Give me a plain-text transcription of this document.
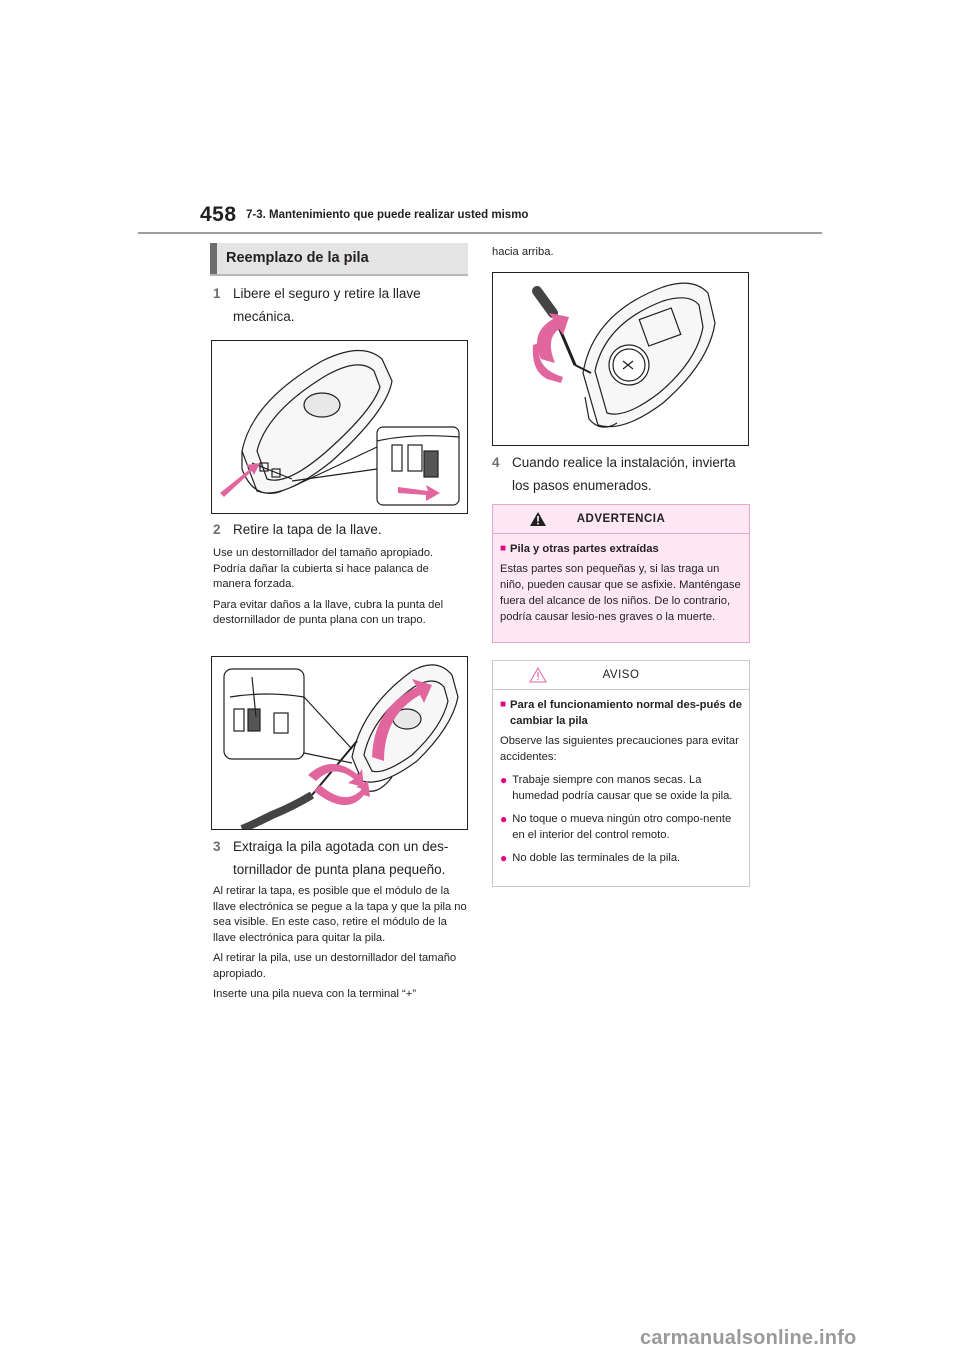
458 7-3. Mantenimiento que puede realizar usted mismo
Reemplazo de la pila
1 Libere el seguro y retire la llave mecánica.
2 Retire la tapa de la llave.
Use un destornillador del tamaño apropiado. Podría dañar la cubierta si hace palanca de manera forzada.
Para evitar daños a la llave, cubra la punta del destornillador de punta plana con un trapo.
3 Extraiga la pila agotada con un des-tornillador de punta plana pequeño.
Al retirar la tapa, es posible que el módulo de la llave electrónica se pegue a la tapa y que la pila no sea visible. En este caso, retire el módulo de la llave electrónica para quitar la pila.
Al retirar la pila, use un destornillador del tamaño apropiado.
Inserte una pila nueva con la terminal “+”
hacia arriba.
4 Cuando realice la instalación, invierta los pasos enumerados.
ADVERTENCIA
■ Pila y otras partes extraídas

Estas partes son pequeñas y, si las traga un niño, pueden causar que se asfixie. Manténgase fuera del alcance de los niños. De lo contrario, podría causar lesio-nes graves o la muerte.

AVISO
■ Para el funcionamiento normal des-pués de cambiar la pila

Observe las siguientes precauciones para evitar accidentes:

● Trabaje siempre con manos secas. La humedad podría causar que se oxide la pila.
● No toque o mueva ningún otro compo-nente en el interior del control remoto.
● No doble las terminales de la pila.
carmanualsonline.info
